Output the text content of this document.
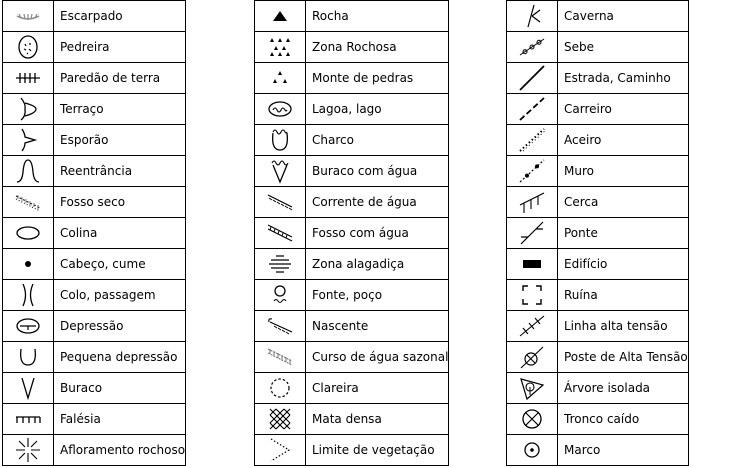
	Escarpado

	Pedreira

	Paredão de terra

	Terraço

	Esporão

	Reentrância

	Fosso seco

	Colina

	Cabeço, cume

	Colo, passagem

	Depressão

	Pequena depressão

	Buraco

	Falésia

	Afloramento rochoso
	Rocha

	Zona Rochosa

	Monte de pedras

	Lagoa, lago

	Charco

	Buraco com água

	Corrente de água

	Fosso com água

	Zona alagadiça

	Fonte, poço

	Nascente

	Curso de água sazonal

	Clareira

	Mata densa

	Limite de vegetação
	Caverna

	Sebe

	Estrada, Caminho

	Carreiro

	Aceiro

	Muro

	Cerca

	Ponte

	Edifício

	Ruína

	Linha alta tensão

	Poste de Alta Tensão

	Árvore isolada

	Tronco caído

	Marco
